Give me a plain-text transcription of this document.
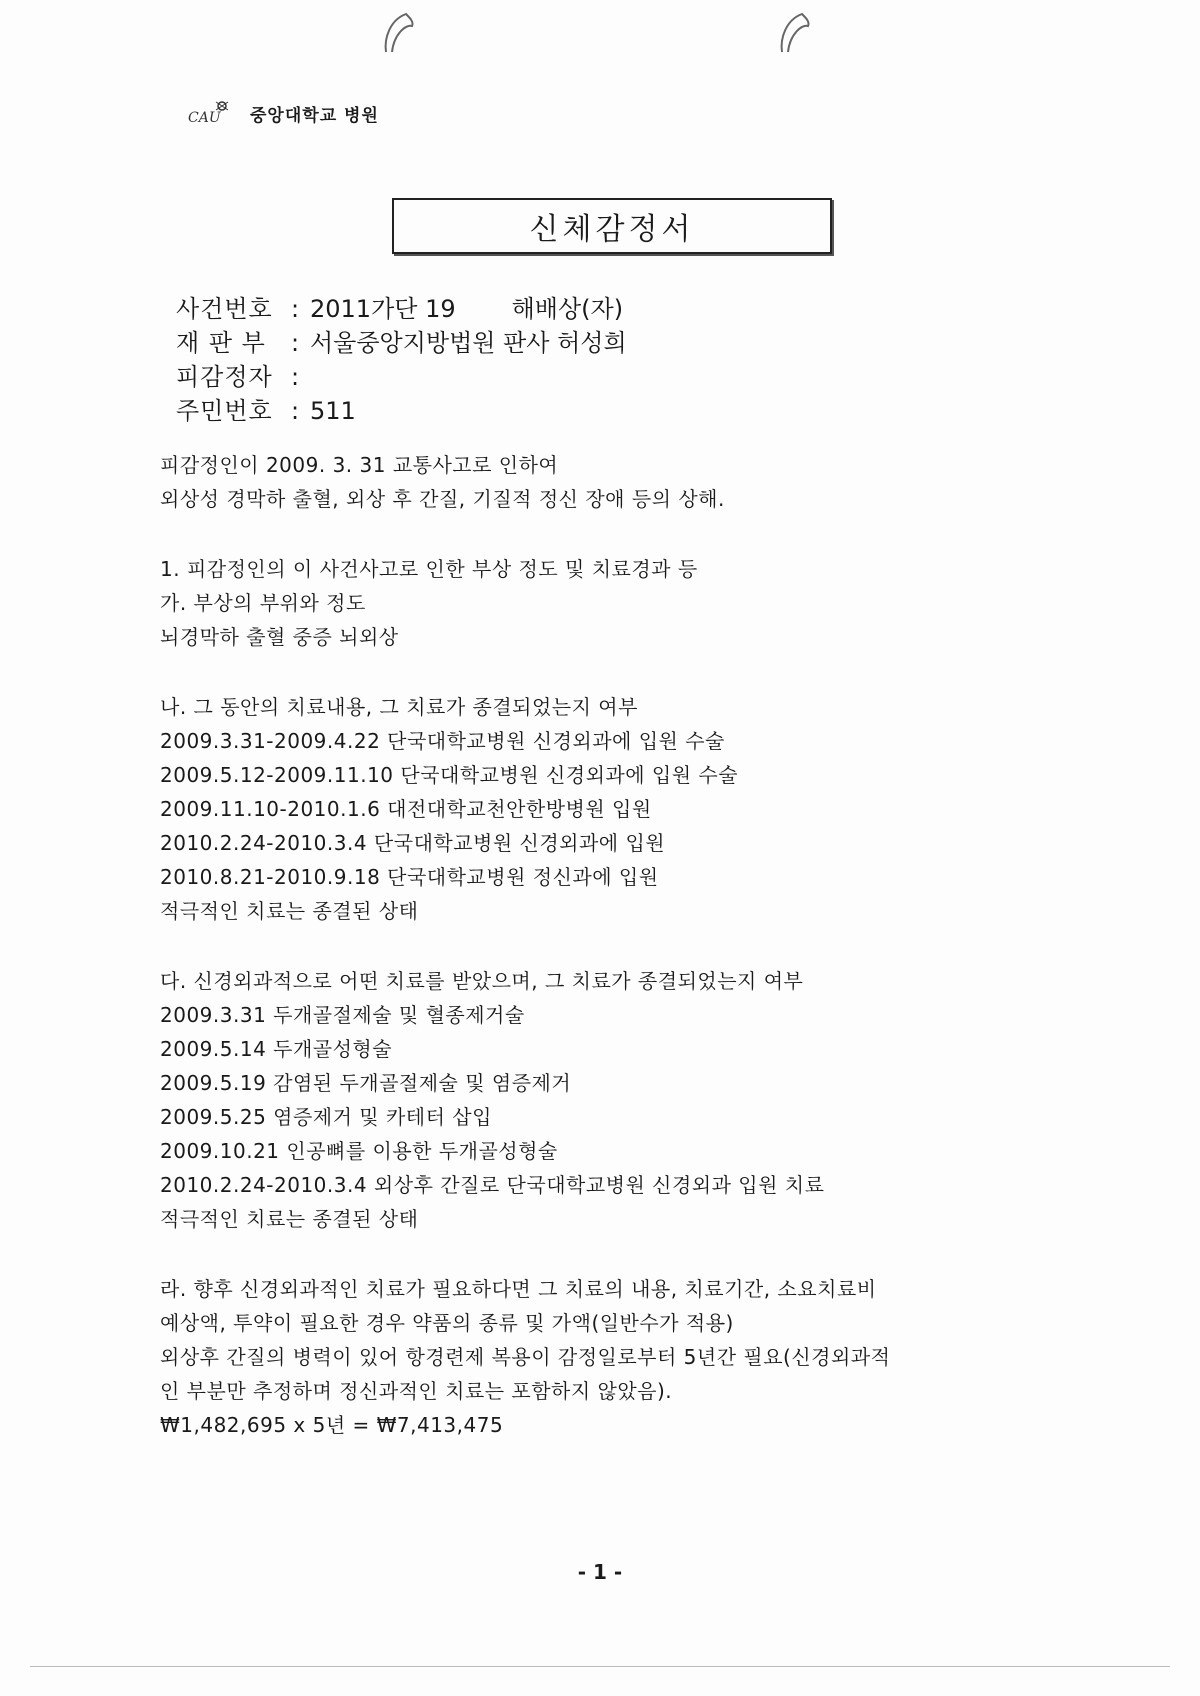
CAU 중앙대학교 병원
신체감정서
사건번호 : 2011가단 19 해배상(자)
재 판 부	: 서울중앙지방법원 판사 허성희
피감정자 :
주민번호 : 511
피감정인이 2009. 3. 31 교통사고로 인하여
외상성 경막하 출혈, 외상 후 간질, 기질적 정신 장애 등의 상해.
1. 피감정인의 이 사건사고로 인한 부상 정도 및 치료경과 등
가. 부상의 부위와 정도
뇌경막하 출혈 중증 뇌외상
나. 그 동안의 치료내용, 그 치료가 종결되었는지 여부
2009.3.31-2009.4.22 단국대학교병원 신경외과에 입원 수술
2009.5.12-2009.11.10 단국대학교병원 신경외과에 입원 수술
2009.11.10-2010.1.6 대전대학교천안한방병원 입원
2010.2.24-2010.3.4 단국대학교병원 신경외과에 입원
2010.8.21-2010.9.18 단국대학교병원 정신과에 입원
적극적인 치료는 종결된 상태
다. 신경외과적으로 어떤 치료를 받았으며, 그 치료가 종결되었는지 여부
2009.3.31 두개골절제술 및 혈종제거술
2009.5.14 두개골성형술
2009.5.19 감염된 두개골절제술 및 염증제거
2009.5.25 염증제거 및 카테터 삽입
2009.10.21 인공뼈를 이용한 두개골성형술
2010.2.24-2010.3.4 외상후 간질로 단국대학교병원 신경외과 입원 치료
적극적인 치료는 종결된 상태
라. 향후 신경외과적인 치료가 필요하다면 그 치료의 내용, 치료기간, 소요치료비
예상액, 투약이 필요한 경우 약품의 종류 및 가액(일반수가 적용)
외상후 간질의 병력이 있어 항경련제 복용이 감정일로부터 5년간 필요(신경외과적
인 부분만 추정하며 정신과적인 치료는 포함하지 않았음).
₩1,482,695 x 5년 = ₩7,413,475
- 1 -
